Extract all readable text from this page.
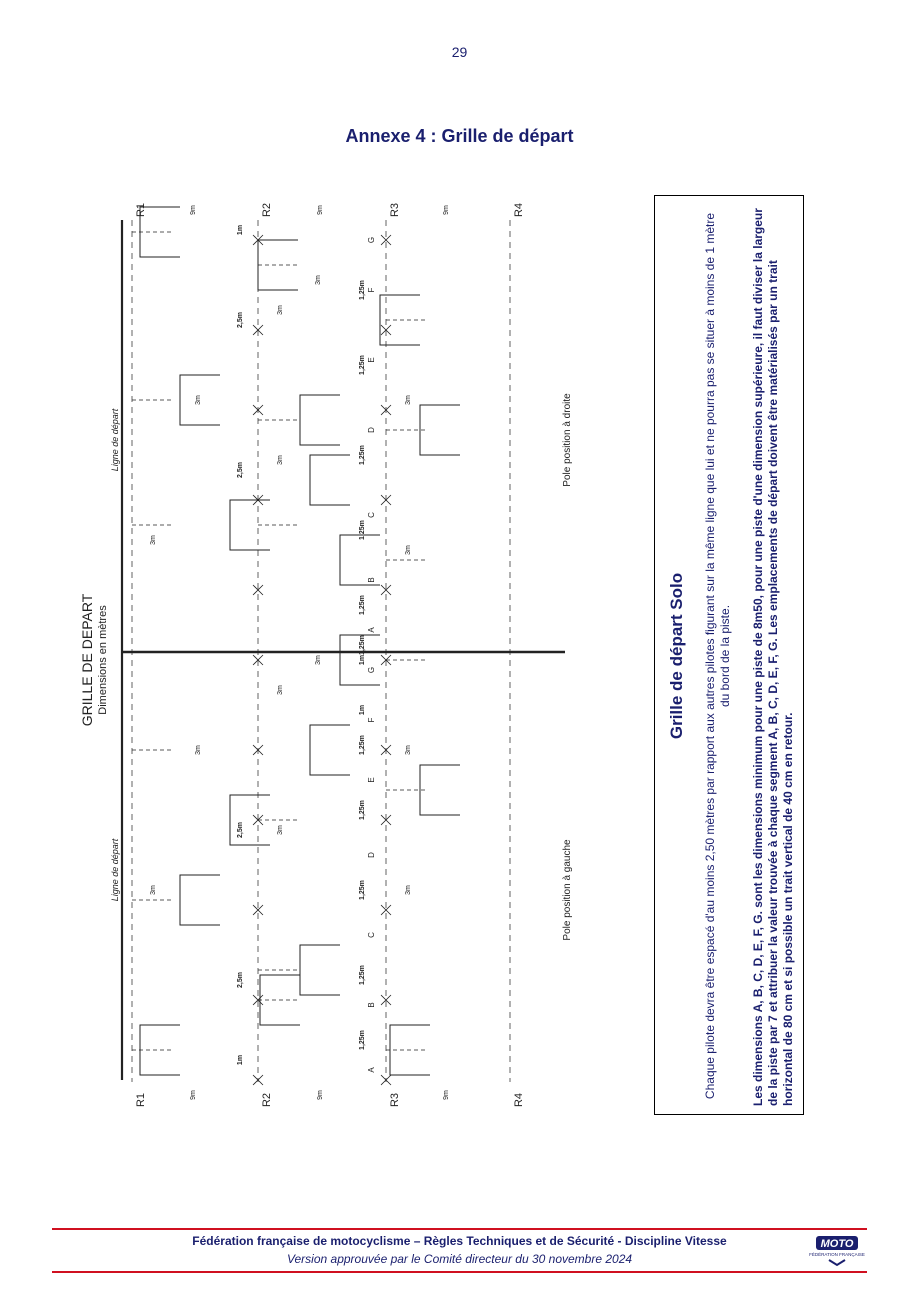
29
Annexe 4 : Grille de départ
R1
R1
R2
R2
R3
R3
R4
R4
9m	9m	9m
9m	9m	9m
GRILLE DE DEPART Dimensions en mètres
Ligne de départ
Ligne de départ
Pole position à gauche
Pole position à droite
A
B
C
D
E
F
G
A
B
C
D
E
F
G
1,25m
1,25m
1,25m
1,25m
1,25m
1,25m
1,25m
1,25m
1,25m
1,25m
1,25m
1m
1m
1m
1m
2,5m
2,5m
2,5m
2,5m
3m
3m
3m
3m
3m
3m
3m
3m
3m
3m
3m
3m
3m
3m
Grille de départ Solo Chaque pilote devra être espacé d'au moins 2,50 mètres par rapport aux autres pilotes figurant sur la même ligne que lui et ne pourra pas se situer à moins de 1 mètre du bord de la piste. Les dimensions A, B, C, D, E, F, G. sont les dimensions minimum pour une piste de 8m50, pour une piste d'une dimension supérieure, il faut diviser la largeur de la piste par 7 et attribuer la valeur trouvée à chaque segment A, B, C, D, E, F, G. Les emplacements de départ doivent être matérialisés par un trait horizontal de 80 cm et si possible un trait vertical de 40 cm en retour.
Fédération française de motocyclisme – Règles Techniques et de Sécurité - Discipline Vitesse
Version approuvée par le Comité directeur du 30 novembre 2024
MOTO
FÉDÉRATION FRANÇAISE
